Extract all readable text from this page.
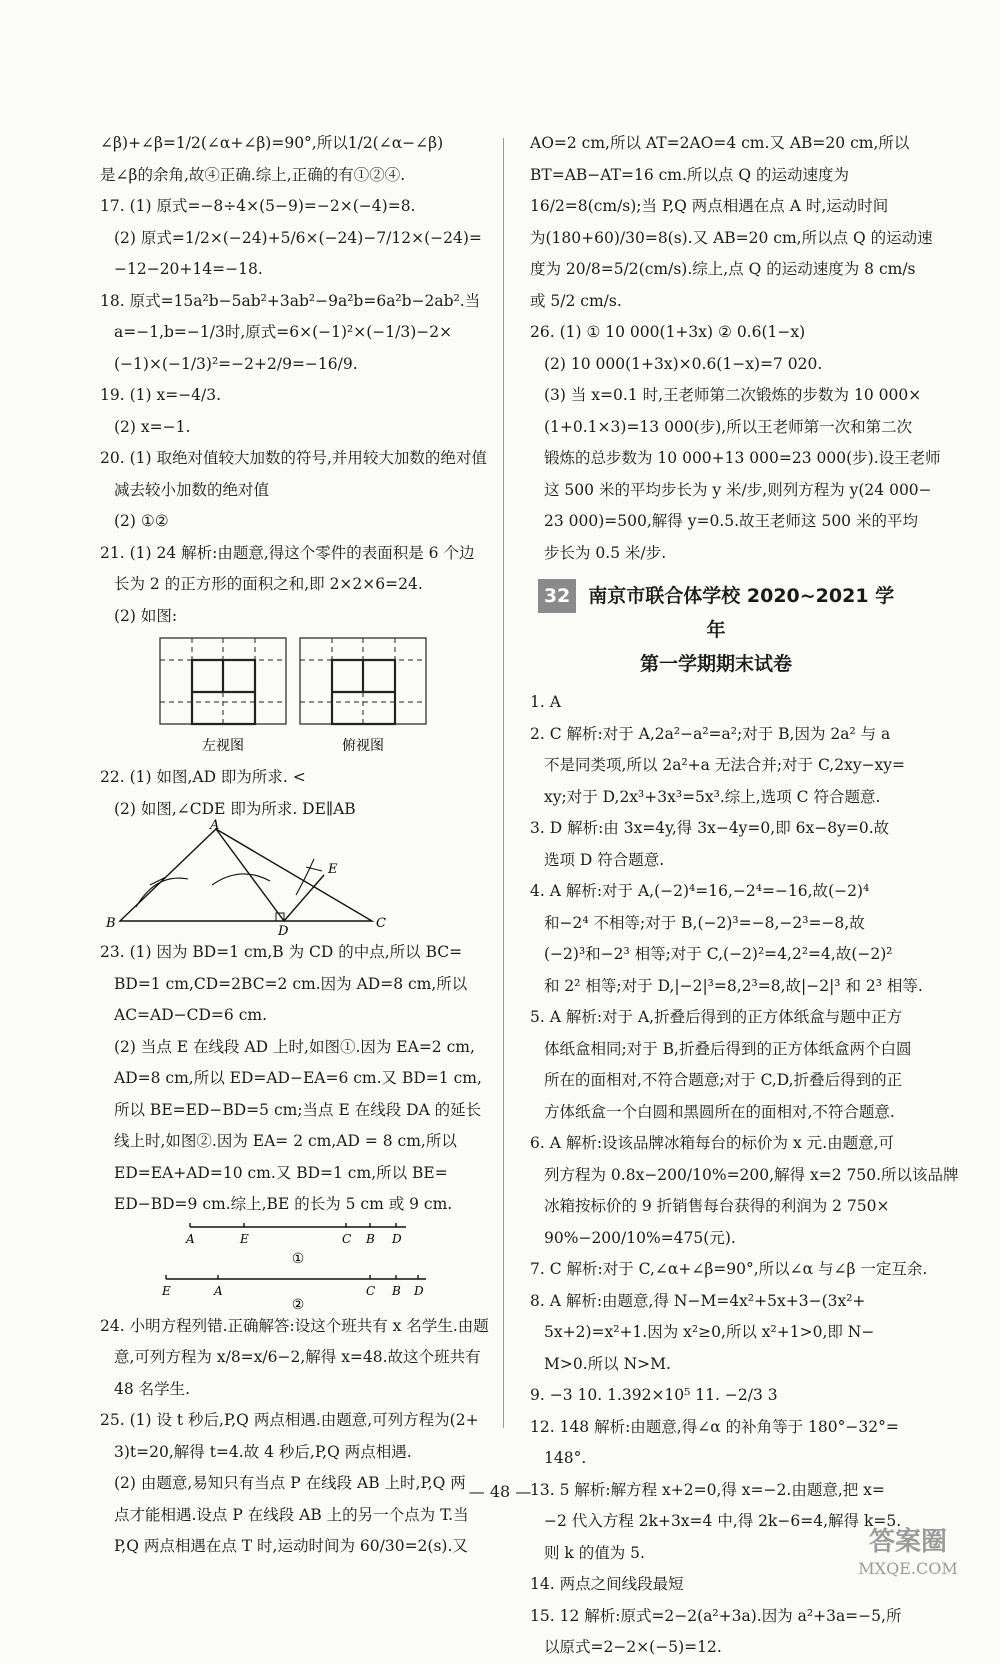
∠β)+∠β=1/2(∠α+∠β)=90°,所以1/2(∠α−∠β)
是∠β的余角,故④正确.综上,正确的有①②④.
17. (1) 原式=−8÷4×(5−9)=−2×(−4)=8.
(2) 原式=1/2×(−24)+5/6×(−24)−7/12×(−24)=
−12−20+14=−18.
18. 原式=15a²b−5ab²+3ab²−9a²b=6a²b−2ab².当
a=−1,b=−1/3时,原式=6×(−1)²×(−1/3)−2×
(−1)×(−1/3)²=−2+2/9=−16/9.
19. (1) x=−4/3.
(2) x=−1.
20. (1) 取绝对值较大加数的符号,并用较大加数的绝对值
减去较小加数的绝对值
(2) ①②
21. (1) 24 解析:由题意,得这个零件的表面积是 6 个边
长为 2 的正方形的面积之和,即 2×2×6=24.
(2) 如图:
左视图	俯视图
22. (1) 如图,AD 即为所求. <
(2) 如图,∠CDE 即为所求. DE∥AB
A
B	C
D
E
23. (1) 因为 BD=1 cm,B 为 CD 的中点,所以 BC=
BD=1 cm,CD=2BC=2 cm.因为 AD=8 cm,所以
AC=AD−CD=6 cm.
(2) 当点 E 在线段 AD 上时,如图①.因为 EA=2 cm,
AD=8 cm,所以 ED=AD−EA=6 cm.又 BD=1 cm,
所以 BE=ED−BD=5 cm;当点 E 在线段 DA 的延长
线上时,如图②.因为 EA= 2 cm,AD = 8 cm,所以
ED=EA+AD=10 cm.又 BD=1 cm,所以 BE=
ED−BD=9 cm.综上,BE 的长为 5 cm 或 9 cm.
A	E	C B D
①
E	A	C B D
②
24. 小明方程列错.正确解答:设这个班共有 x 名学生.由题
意,可列方程为 x/8=x/6−2,解得 x=48.故这个班共有
48 名学生.
25. (1) 设 t 秒后,P,Q 两点相遇.由题意,可列方程为(2+
3)t=20,解得 t=4.故 4 秒后,P,Q 两点相遇.
(2) 由题意,易知只有当点 P 在线段 AB 上时,P,Q 两
点才能相遇.设点 P 在线段 AB 上的另一个点为 T.当
P,Q 两点相遇在点 T 时,运动时间为 60/30=2(s).又
AO=2 cm,所以 AT=2AO=4 cm.又 AB=20 cm,所以
BT=AB−AT=16 cm.所以点 Q 的运动速度为
16/2=8(cm/s);当 P,Q 两点相遇在点 A 时,运动时间
为(180+60)/30=8(s).又 AB=20 cm,所以点 Q 的运动速
度为 20/8=5/2(cm/s).综上,点 Q 的运动速度为 8 cm/s
或 5/2 cm/s.
26. (1) ① 10 000(1+3x) ② 0.6(1−x)
(2) 10 000(1+3x)×0.6(1−x)=7 020.
(3) 当 x=0.1 时,王老师第二次锻炼的步数为 10 000×
(1+0.1×3)=13 000(步),所以王老师第一次和第二次
锻炼的总步数为 10 000+13 000=23 000(步).设王老师
这 500 米的平均步长为 y 米/步,则列方程为 y(24 000−
23 000)=500,解得 y=0.5.故王老师这 500 米的平均
步长为 0.5 米/步.
32 南京市联合体学校 2020~2021 学年
第一学期期末试卷
1. A
2. C 解析:对于 A,2a²−a²=a²;对于 B,因为 2a² 与 a
不是同类项,所以 2a²+a 无法合并;对于 C,2xy−xy=
xy;对于 D,2x³+3x³=5x³.综上,选项 C 符合题意.
3. D 解析:由 3x=4y,得 3x−4y=0,即 6x−8y=0.故
选项 D 符合题意.
4. A 解析:对于 A,(−2)⁴=16,−2⁴=−16,故(−2)⁴
和−2⁴ 不相等;对于 B,(−2)³=−8,−2³=−8,故
(−2)³和−2³ 相等;对于 C,(−2)²=4,2²=4,故(−2)²
和 2² 相等;对于 D,|−2|³=8,2³=8,故|−2|³ 和 2³ 相等.
5. A 解析:对于 A,折叠后得到的正方体纸盒与题中正方
体纸盒相同;对于 B,折叠后得到的正方体纸盒两个白圆
所在的面相对,不符合题意;对于 C,D,折叠后得到的正
方体纸盒一个白圆和黑圆所在的面相对,不符合题意.
6. A 解析:设该品牌冰箱每台的标价为 x 元.由题意,可
列方程为 0.8x−200/10%=200,解得 x=2 750.所以该品牌
冰箱按标价的 9 折销售每台获得的利润为 2 750×
90%−200/10%=475(元).
7. C 解析:对于 C,∠α+∠β=90°,所以∠α 与∠β 一定互余.
8. A 解析:由题意,得 N−M=4x²+5x+3−(3x²+
5x+2)=x²+1.因为 x²≥0,所以 x²+1>0,即 N−
M>0.所以 N>M.
9. −3 10. 1.392×10⁵ 11. −2/3 3
12. 148 解析:由题意,得∠α 的补角等于 180°−32°=
148°.
13. 5 解析:解方程 x+2=0,得 x=−2.由题意,把 x=
−2 代入方程 2k+3x=4 中,得 2k−6=4,解得 k=5.
则 k 的值为 5.
14. 两点之间线段最短
15. 12 解析:原式=2−2(a²+3a).因为 a²+3a=−5,所
以原式=2−2×(−5)=12.
— 48 —
答案圈
MXQE.COM
